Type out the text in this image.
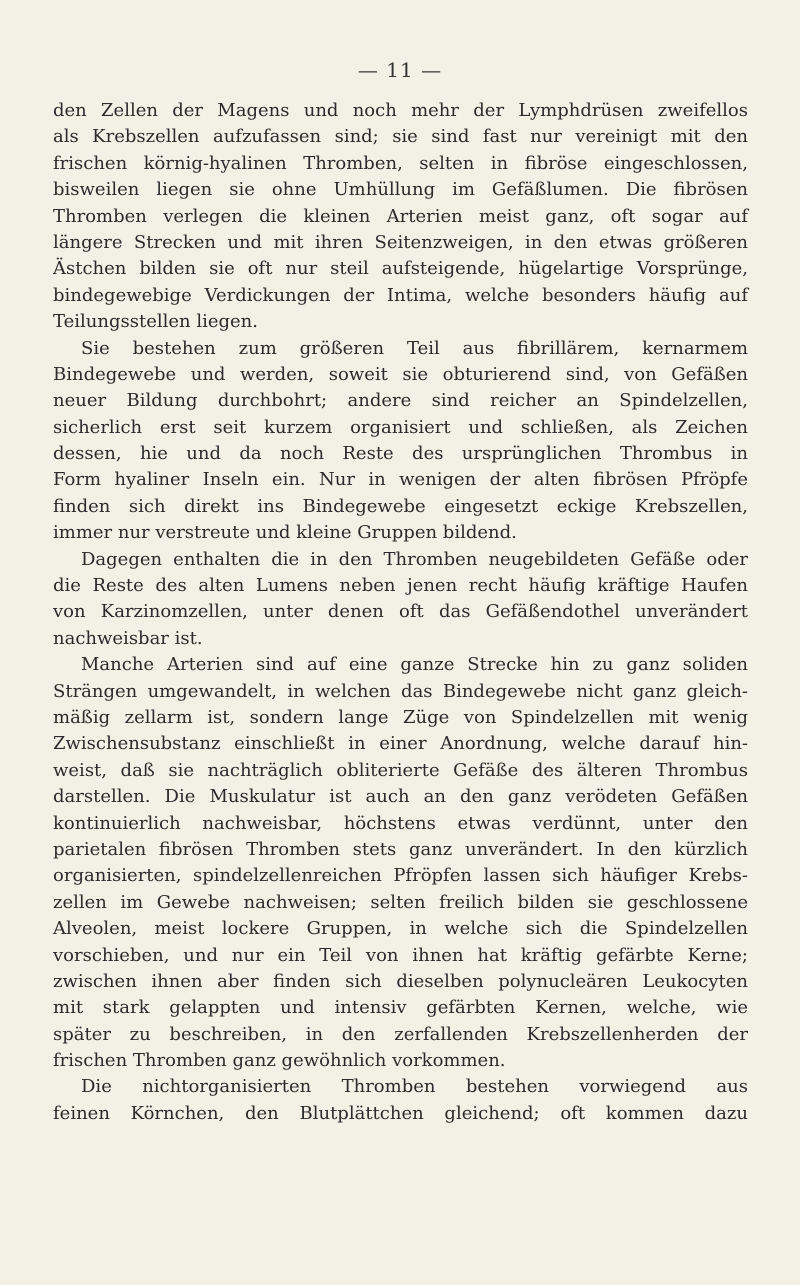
— 11 —
den Zellen der Magens und noch mehr der Lymphdrüsen zweifellos
als Krebszellen aufzufassen sind; sie sind fast nur vereinigt mit den
frischen körnig-hyalinen Thromben, selten in fibröse eingeschlossen,
bisweilen liegen sie ohne Umhüllung im Gefäßlumen. Die fibrösen
Thromben verlegen die kleinen Arterien meist ganz, oft sogar auf
längere Strecken und mit ihren Seitenzweigen, in den etwas größeren
Ästchen bilden sie oft nur steil aufsteigende, hügelartige Vorsprünge,
bindegewebige Verdickungen der Intima, welche besonders häufig auf
Teilungsstellen liegen.
Sie bestehen zum größeren Teil aus fibrillärem, kernarmem
Bindegewebe und werden, soweit sie obturierend sind, von Gefäßen
neuer Bildung durchbohrt; andere sind reicher an Spindelzellen,
sicherlich erst seit kurzem organisiert und schließen, als Zeichen
dessen, hie und da noch Reste des ursprünglichen Thrombus in
Form hyaliner Inseln ein. Nur in wenigen der alten fibrösen Pfröpfe
finden sich direkt ins Bindegewebe eingesetzt eckige Krebszellen,
immer nur verstreute und kleine Gruppen bildend.
Dagegen enthalten die in den Thromben neugebildeten Gefäße oder
die Reste des alten Lumens neben jenen recht häufig kräftige Haufen
von Karzinomzellen, unter denen oft das Gefäßendothel unverändert
nachweisbar ist.
Manche Arterien sind auf eine ganze Strecke hin zu ganz soliden
Strängen umgewandelt, in welchen das Bindegewebe nicht ganz gleich-
mäßig zellarm ist, sondern lange Züge von Spindelzellen mit wenig
Zwischensubstanz einschließt in einer Anordnung, welche darauf hin-
weist, daß sie nachträglich obliterierte Gefäße des älteren Thrombus
darstellen. Die Muskulatur ist auch an den ganz verödeten Gefäßen
kontinuierlich nachweisbar, höchstens etwas verdünnt, unter den
parietalen fibrösen Thromben stets ganz unverändert. In den kürzlich
organisierten, spindelzellenreichen Pfröpfen lassen sich häufiger Krebs-
zellen im Gewebe nachweisen; selten freilich bilden sie geschlossene
Alveolen, meist lockere Gruppen, in welche sich die Spindelzellen
vorschieben, und nur ein Teil von ihnen hat kräftig gefärbte Kerne;
zwischen ihnen aber finden sich dieselben polynucleären Leukocyten
mit stark gelappten und intensiv gefärbten Kernen, welche, wie
später zu beschreiben, in den zerfallenden Krebszellenherden der
frischen Thromben ganz gewöhnlich vorkommen.
Die nichtorganisierten Thromben bestehen vorwiegend aus
feinen Körnchen, den Blutplättchen gleichend; oft kommen dazu
